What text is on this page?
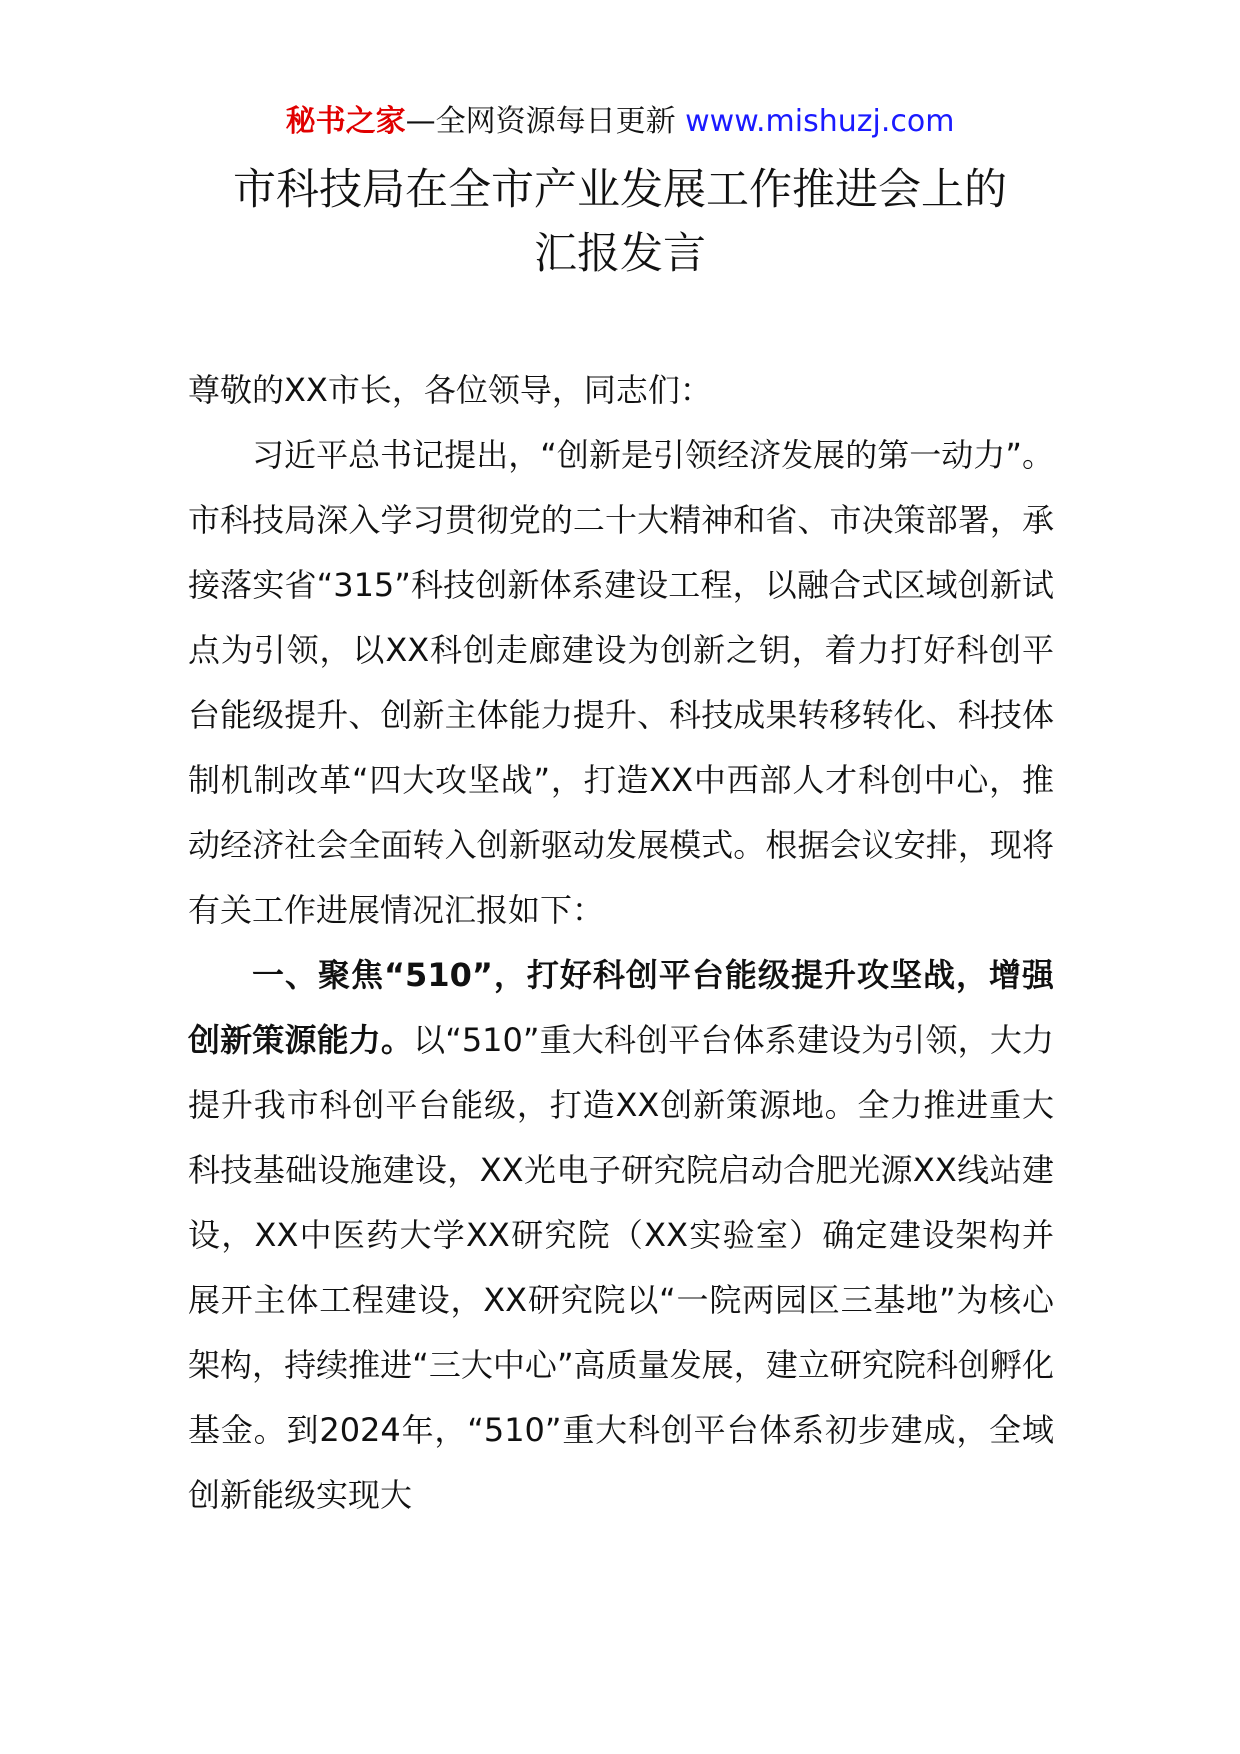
秘书之家—全网资源每日更新 www.mishuzj.com
市科技局在全市产业发展工作推进会上的
汇报发言

尊敬的XX市长，各位领导，同志们：

习近平总书记提出，“创新是引领经济发展的第一动力”。市科技局深入学习贯彻党的二十大精神和省、市决策部署，承接落实省“315”科技创新体系建设工程，以融合式区域创新试点为引领，以XX科创走廊建设为创新之钥，着力打好科创平台能级提升、创新主体能力提升、科技成果转移转化、科技体制机制改革“四大攻坚战”，打造XX中西部人才科创中心，推动经济社会全面转入创新驱动发展模式。根据会议安排，现将有关工作进展情况汇报如下：

一、聚焦“510”，打好科创平台能级提升攻坚战，增强创新策源能力。以“510”重大科创平台体系建设为引领，大力提升我市科创平台能级，打造XX创新策源地。全力推进重大科技基础设施建设，XX光电子研究院启动合肥光源XX线站建设，XX中医药大学XX研究院（XX实验室）确定建设架构并展开主体工程建设，XX研究院以“一院两园区三基地”为核心架构，持续推进“三大中心”高质量发展，建立研究院科创孵化基金。到2024年，“510”重大科创平台体系初步建成，全域创新能级实现大
